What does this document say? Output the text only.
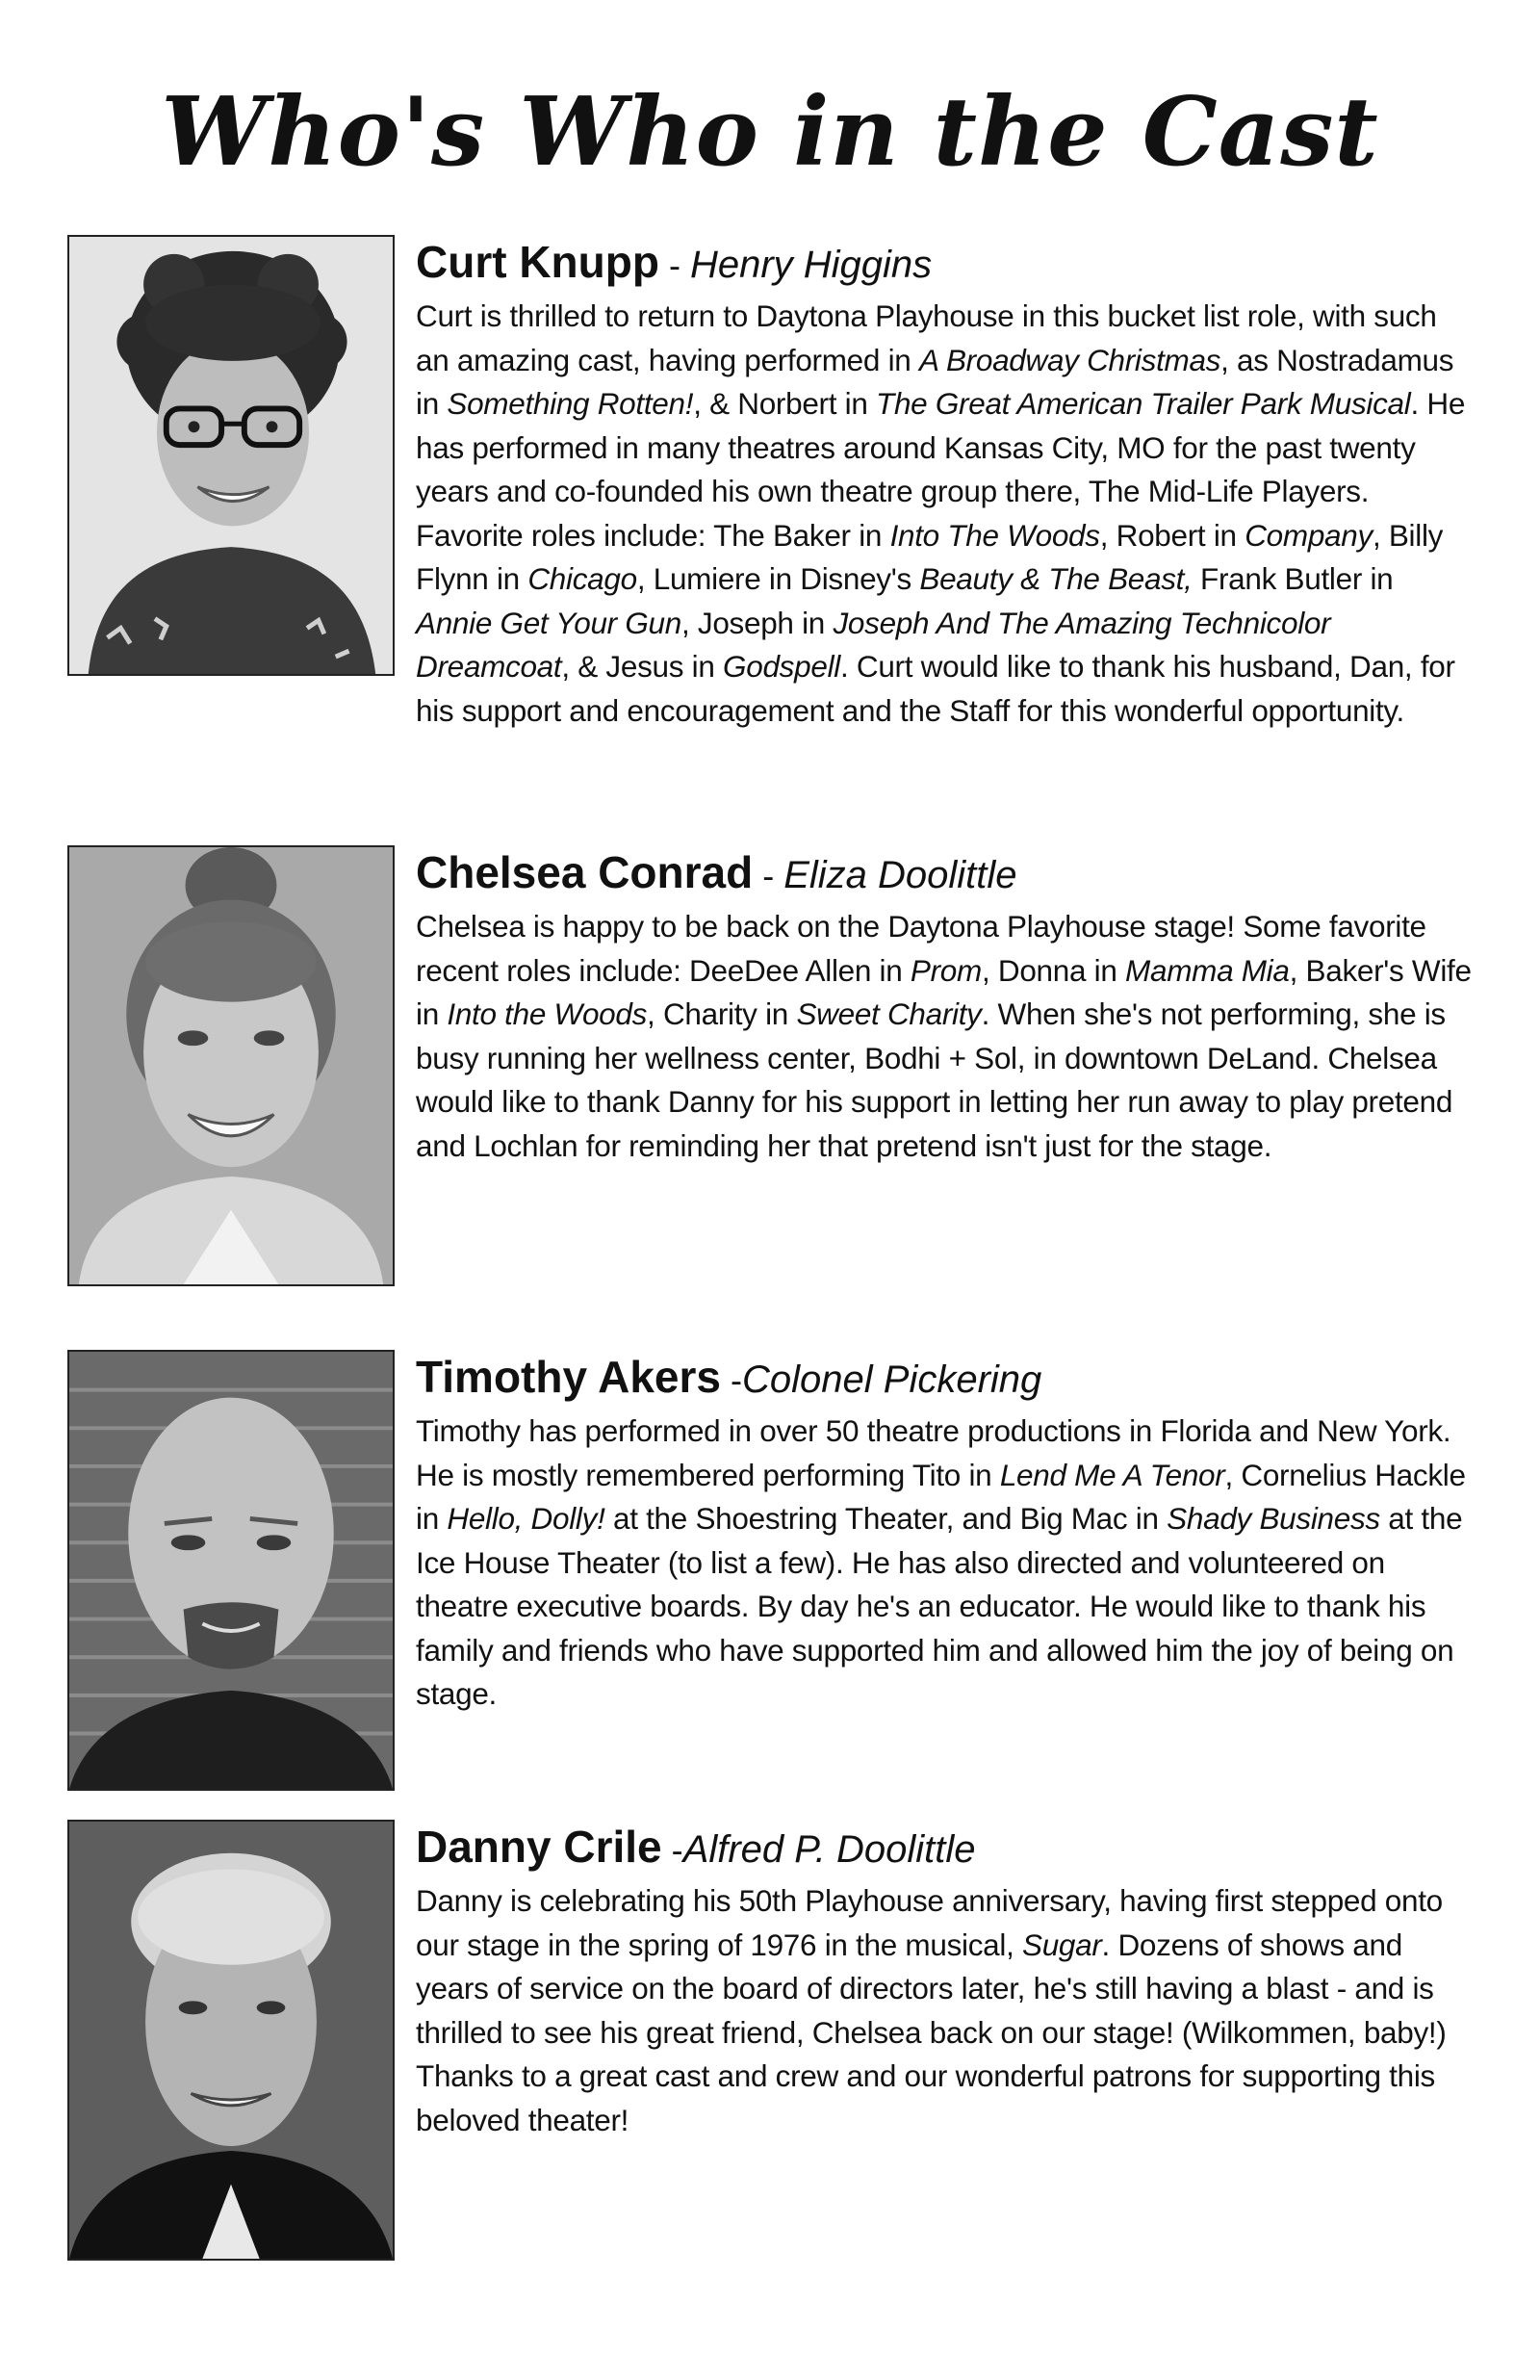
Who's Who in the Cast
Curt Knupp - Henry Higgins

Curt is thrilled to return to Daytona Playhouse in this bucket list role, with such an amazing cast, having performed in A Broadway Christmas, as Nostradamus in Something Rotten!, & Norbert in The Great American Trailer Park Musical. He has performed in many theatres around Kansas City, MO for the past twenty years and co-founded his own theatre group there, The Mid-Life Players. Favorite roles include: The Baker in Into The Woods, Robert in Company, Billy Flynn in Chicago, Lumiere in Disney's Beauty & The Beast, Frank Butler in Annie Get Your Gun, Joseph in Joseph And The Amazing Technicolor Dreamcoat, & Jesus in Godspell. Curt would like to thank his husband, Dan, for his support and encouragement and the Staff for this wonderful opportunity.

Chelsea Conrad - Eliza Doolittle

Chelsea is happy to be back on the Daytona Playhouse stage! Some favorite recent roles include: DeeDee Allen in Prom, Donna in Mamma Mia, Baker's Wife in Into the Woods, Charity in Sweet Charity. When she's not performing, she is busy running her wellness center, Bodhi + Sol, in downtown DeLand. Chelsea would like to thank Danny for his support in letting her run away to play pretend and Lochlan for reminding her that pretend isn't just for the stage.

Timothy Akers -Colonel Pickering

Timothy has performed in over 50 theatre productions in Florida and New York. He is mostly remembered performing Tito in Lend Me A Tenor, Cornelius Hackle in Hello, Dolly! at the Shoestring Theater, and Big Mac in Shady Business at the Ice House Theater (to list a few). He has also directed and volunteered on theatre executive boards. By day he's an educator. He would like to thank his family and friends who have supported him and allowed him the joy of being on stage.

Danny Crile -Alfred P. Doolittle

Danny is celebrating his 50th Playhouse anniversary, having first stepped onto our stage in the spring of 1976 in the musical, Sugar. Dozens of shows and years of service on the board of directors later, he's still having a blast - and is thrilled to see his great friend, Chelsea back on our stage! (Wilkommen, baby!) Thanks to a great cast and crew and our wonderful patrons for supporting this beloved theater!
